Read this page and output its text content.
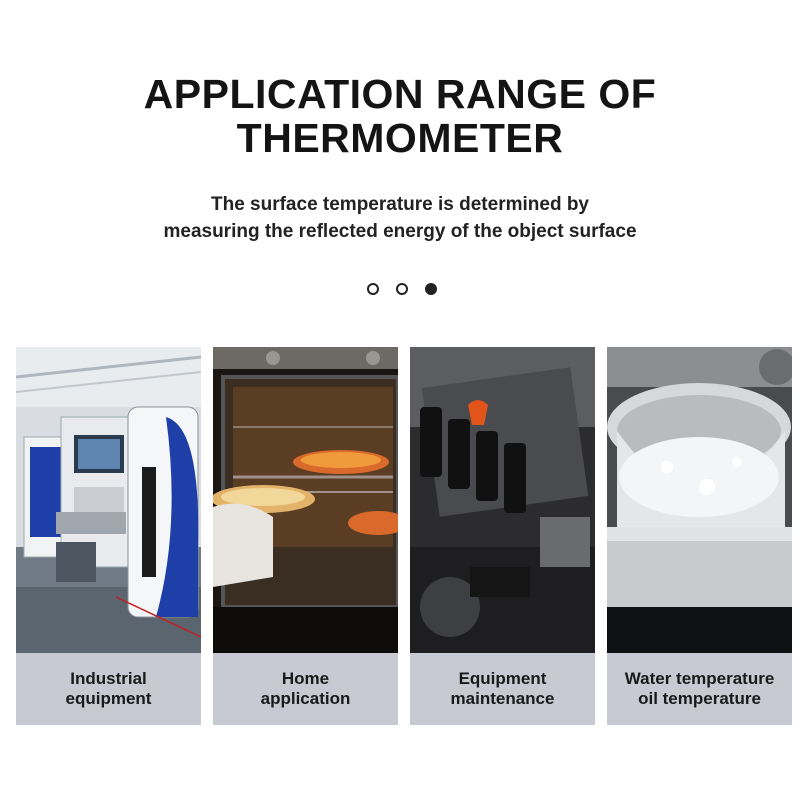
APPLICATION RANGE OF
THERMOMETER
The surface temperature is determined by
measuring the reflected energy of the object surface
Industrial
equipment
Home
application
Equipment
maintenance
Water temperature
oil temperature
